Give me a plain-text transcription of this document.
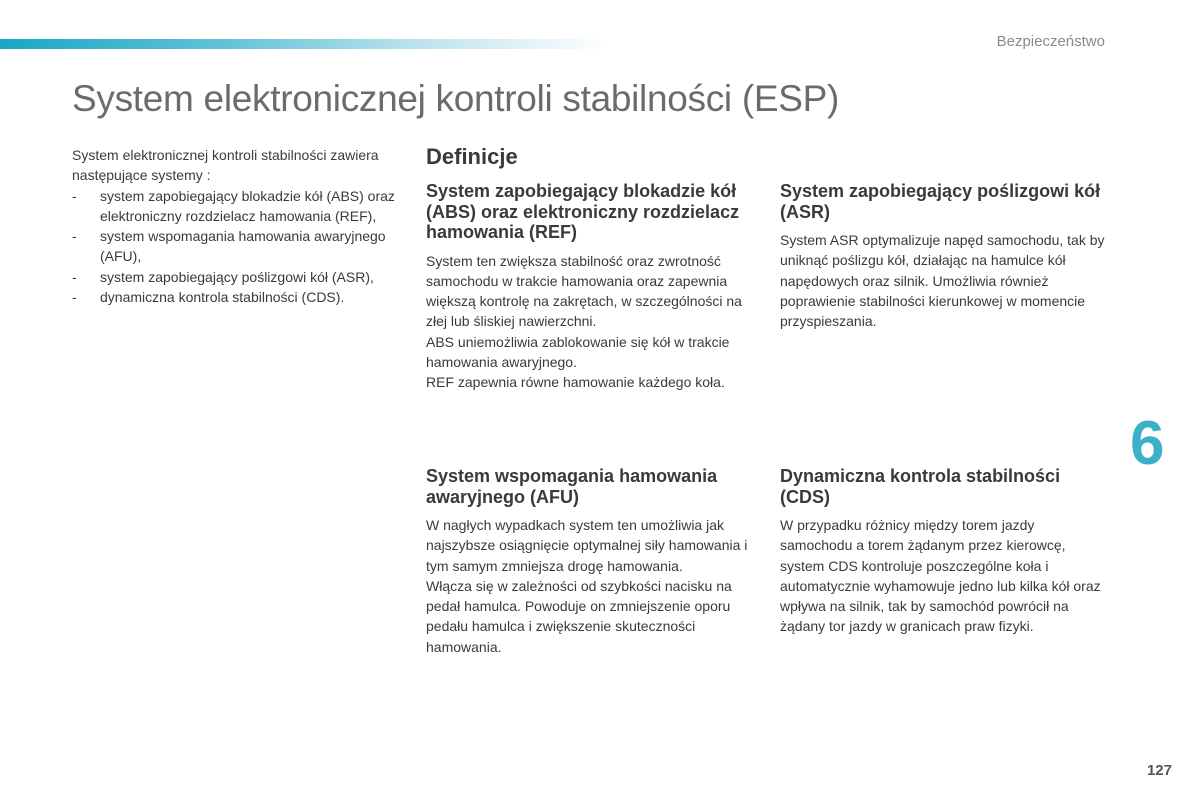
Bezpieczeństwo
System elektronicznej kontroli stabilności (ESP)
System elektronicznej kontroli stabilności zawiera następujące systemy :
- system zapobiegający blokadzie kół (ABS) oraz elektroniczny rozdzielacz hamowania (REF),
- system wspomagania hamowania awaryjnego (AFU),
- system zapobiegający poślizgowi kół (ASR),
- dynamiczna kontrola stabilności (CDS).
Definicje
System zapobiegający blokadzie kół (ABS) oraz elektroniczny rozdzielacz hamowania (REF)

System ten zwiększa stabilność oraz zwrotność samochodu w trakcie hamowania oraz zapewnia większą kontrolę na zakrętach, w szczególności na złej lub śliskiej nawierzchni.
ABS uniemożliwia zablokowanie się kół w trakcie hamowania awaryjnego.
REF zapewnia równe hamowanie każdego koła.

System zapobiegający poślizgowi kół (ASR)

System ASR optymalizuje napęd samochodu, tak by uniknąć poślizgu kół, działając na hamulce kół napędowych oraz silnik. Umożliwia również poprawienie stabilności kierunkowej w momencie przyspieszania.

System wspomagania hamowania awaryjnego (AFU)

W nagłych wypadkach system ten umożliwia jak najszybsze osiągnięcie optymalnej siły hamowania i tym samym zmniejsza drogę hamowania.
Włącza się w zależności od szybkości nacisku na pedał hamulca. Powoduje on zmniejszenie oporu pedału hamulca i zwiększenie skuteczności hamowania.

Dynamiczna kontrola stabilności (CDS)

W przypadku różnicy między torem jazdy samochodu a torem żądanym przez kierowcę, system CDS kontroluje poszczególne koła i automatycznie wyhamowuje jedno lub kilka kół oraz wpływa na silnik, tak by samochód powrócił na żądany tor jazdy w granicach praw fizyki.

6
127
